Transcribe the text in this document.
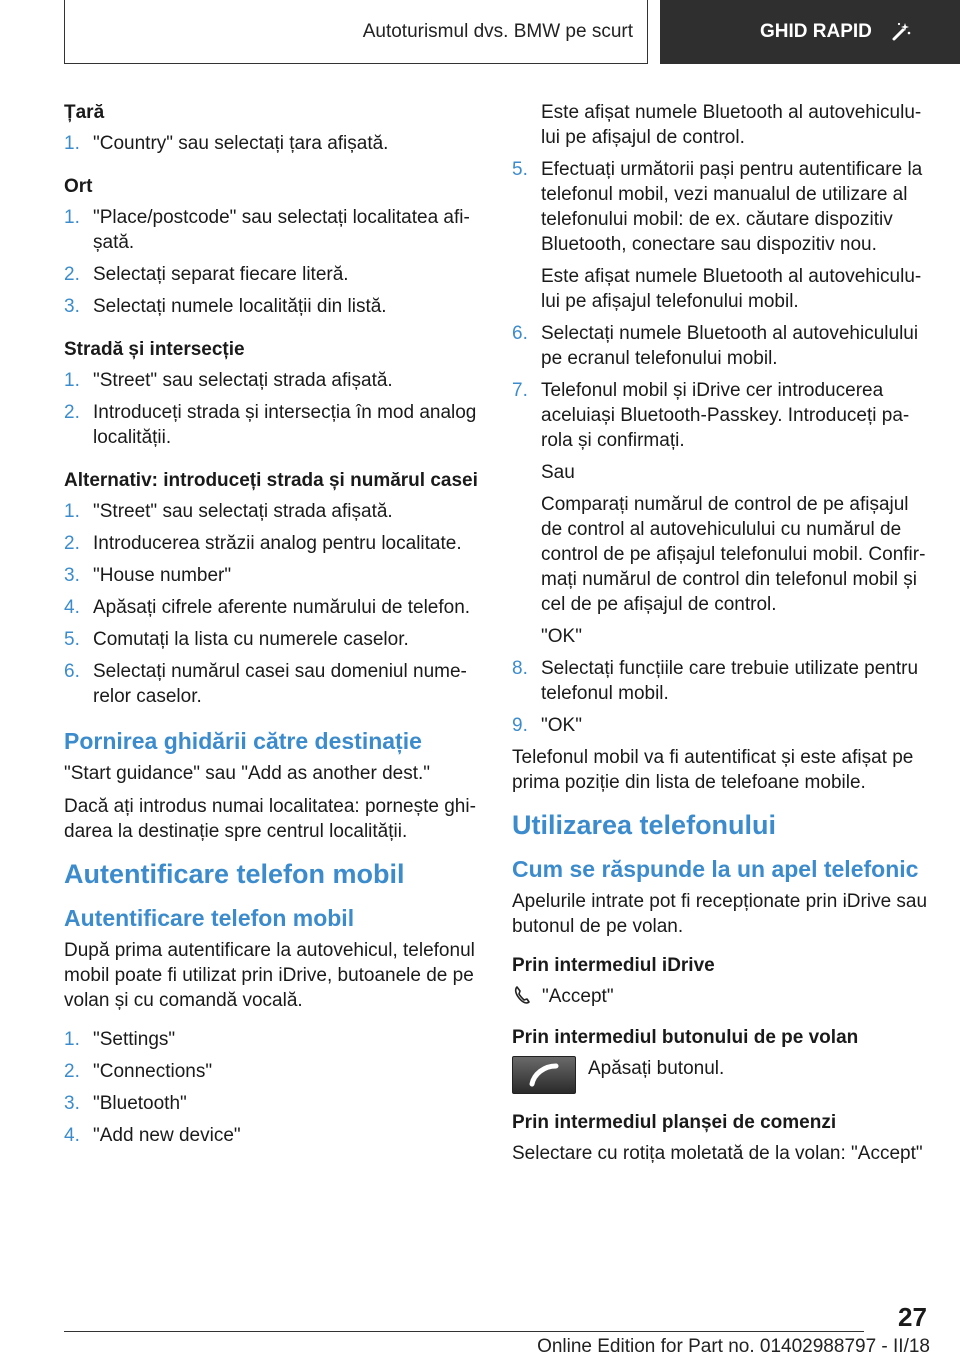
Autoturismul dvs. BMW pe scurt	GHID RAPID
Țară
1. "Country" sau selectați țara afișată.
Ort
1. "Place/postcode" sau selectați localitatea afișată.
2. Selectați separat fiecare literă.
3. Selectați numele localității din listă.
Stradă și intersecție
1. "Street" sau selectați strada afișată.
2. Introduceți strada și intersecția în mod analog localității.
Alternativ: introduceți strada și numărul casei
1. "Street" sau selectați strada afișată.
2. Introducerea străzii analog pentru localitate.
3. "House number"
4. Apăsați cifrele aferente numărului de telefon.
5. Comutați la lista cu numerele caselor.
6. Selectați numărul casei sau domeniul numerelor caselor.
Pornirea ghidării către destinație

"Start guidance" sau "Add as another dest."

Dacă ați introdus numai localitatea: pornește ghidarea la destinație spre centrul localității.

Autentificare telefon mobil
Autentificare telefon mobil

După prima autentificare la autovehicul, telefonul mobil poate fi utilizat prin iDrive, butoanele de pe volan și cu comandă vocală.

1. "Settings"
2. "Connections"
3. "Bluetooth"
4. "Add new device"

Este afișat numele Bluetooth al autovehiculului pe afișajul de control.

5. Efectuați următorii pași pentru autentificare la telefonul mobil, vezi manualul de utilizare al telefonului mobil: de ex. căutare dispozitiv Bluetooth, conectare sau dispozitiv nou.

Este afișat numele Bluetooth al autovehiculului pe afișajul telefonului mobil.

6. Selectați numele Bluetooth al autovehiculului pe ecranul telefonului mobil.
7. Telefonul mobil și iDrive cer introducerea aceluiași Bluetooth-Passkey. Introduceți parola și confirmați.

Sau

Comparați numărul de control de pe afișajul de control al autovehiculului cu numărul de control de pe afișajul telefonului mobil. Confirmați numărul de control din telefonul mobil și cel de pe afișajul de control.

"OK"

8. Selectați funcțiile care trebuie utilizate pentru telefonul mobil.
9. "OK"

Telefonul mobil va fi autentificat și este afișat pe prima poziție din lista de telefoane mobile.

Utilizarea telefonului
Cum se răspunde la un apel telefonic

Apelurile intrate pot fi recepționate prin iDrive sau butonul de pe volan.

Prin intermediul iDrive
"Accept"
Prin intermediul butonului de pe volan
Apăsați butonul.
Prin intermediul planșei de comenzi

Selectare cu rotița moletată de la volan: "Accept"

27
Online Edition for Part no. 01402988797 - II/18
